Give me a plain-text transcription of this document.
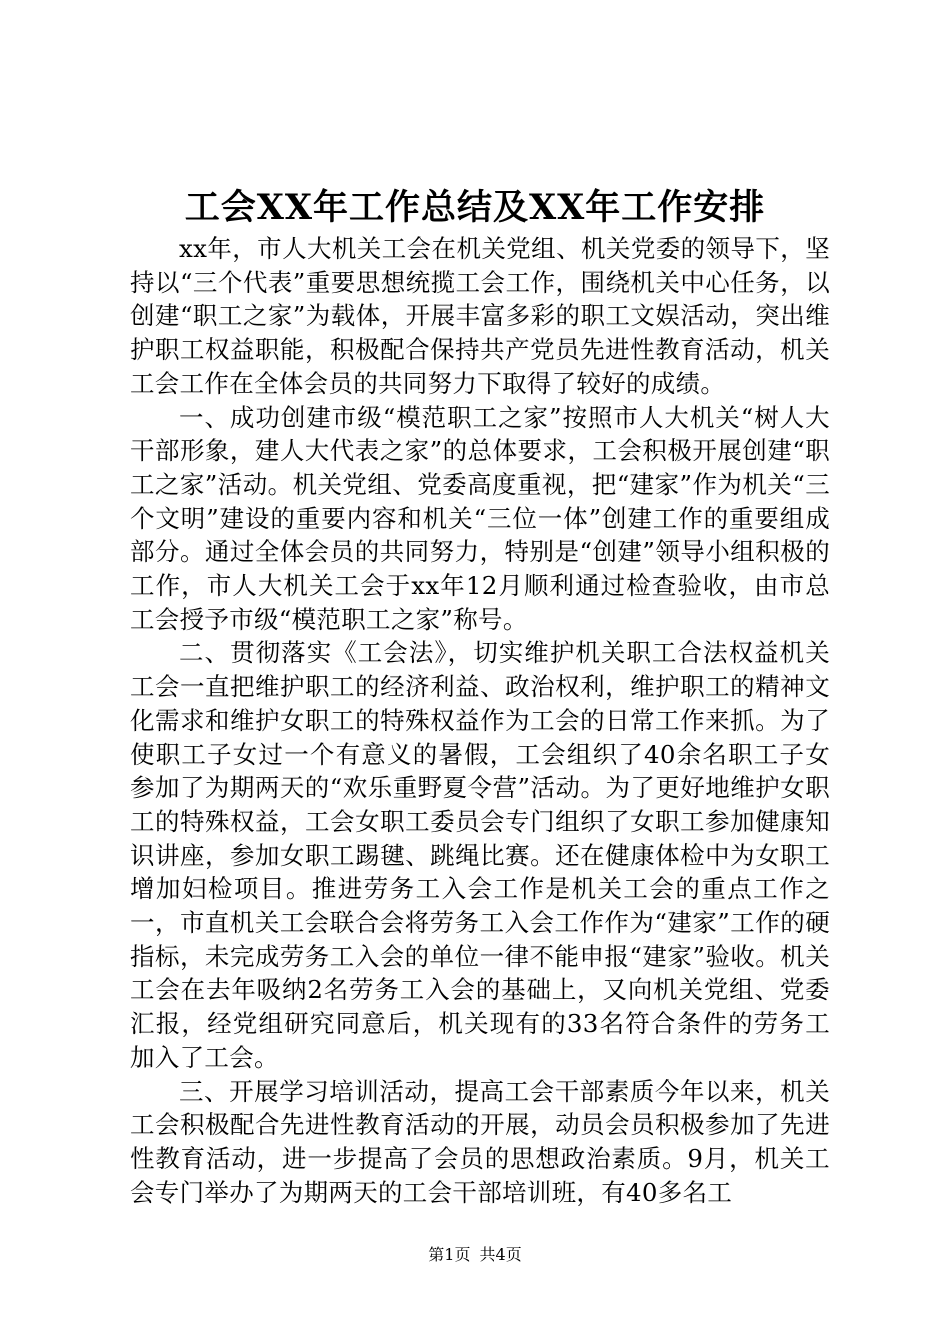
工会XX年工作总结及XX年工作安排

xx年，市人大机关工会在机关党组、机关党委的领导下，坚持以“三个代表”重要思想统揽工会工作，围绕机关中心任务，以创建“职工之家”为载体，开展丰富多彩的职工文娱活动，突出维护职工权益职能，积极配合保持共产党员先进性教育活动，机关工会工作在全体会员的共同努力下取得了较好的成绩。

一、成功创建市级“模范职工之家”按照市人大机关“树人大干部形象，建人大代表之家”的总体要求，工会积极开展创建“职工之家”活动。机关党组、党委高度重视，把“建家”作为机关“三个文明”建设的重要内容和机关“三位一体”创建工作的重要组成部分。通过全体会员的共同努力，特别是“创建”领导小组积极的工作，市人大机关工会于xx年12月顺利通过检查验收，由市总工会授予市级“模范职工之家”称号。

二、贯彻落实《工会法》，切实维护机关职工合法权益机关工会一直把维护职工的经济利益、政治权利，维护职工的精神文化需求和维护女职工的特殊权益作为工会的日常工作来抓。为了使职工子女过一个有意义的暑假，工会组织了40余名职工子女参加了为期两天的“欢乐重野夏令营”活动。为了更好地维护女职工的特殊权益，工会女职工委员会专门组织了女职工参加健康知识讲座，参加女职工踢毽、跳绳比赛。还在健康体检中为女职工增加妇检项目。推进劳务工入会工作是机关工会的重点工作之一，市直机关工会联合会将劳务工入会工作作为“建家”工作的硬指标，未完成劳务工入会的单位一律不能申报“建家”验收。机关工会在去年吸纳2名劳务工入会的基础上，又向机关党组、党委汇报，经党组研究同意后，机关现有的33名符合条件的劳务工加入了工会。

三、开展学习培训活动，提高工会干部素质今年以来，机关工会积极配合先进性教育活动的开展，动员会员积极参加了先进性教育活动，进一步提高了会员的思想政治素质。9月，机关工会专门举办了为期两天的工会干部培训班，有40多名工

第1页 共4页
